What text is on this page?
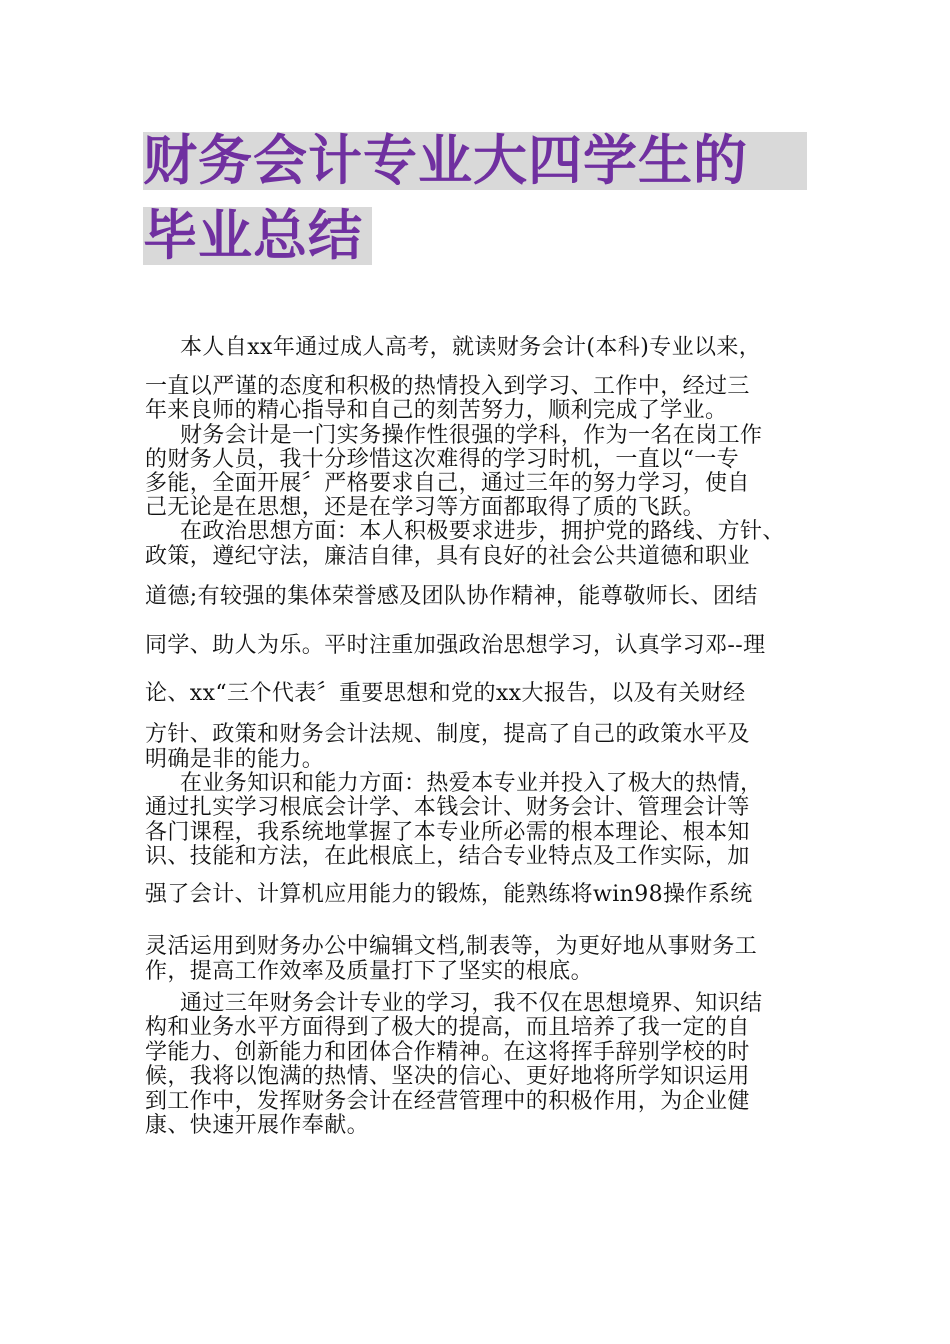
财务会计专业大四学生的
毕业总结
本人自xx年通过成人高考，就读财务会计(本科)专业以来，
一直以严谨的态度和积极的热情投入到学习、工作中，经过三
年来良师的精心指导和自己的刻苦努力，顺利完成了学业。
财务会计是一门实务操作性很强的学科，作为一名在岗工作
的财务人员，我十分珍惜这次难得的学习时机，一直以“一专
多能，全面开展〞严格要求自己，通过三年的努力学习，使自
己无论是在思想，还是在学习等方面都取得了质的飞跃。
在政治思想方面：本人积极要求进步，拥护党的路线、方针、
政策，遵纪守法，廉洁自律，具有良好的社会公共道德和职业
道德;有较强的集体荣誉感及团队协作精神，能尊敬师长、团结
同学、助人为乐。平时注重加强政治思想学习，认真学习邓--理
论、xx“三个代表〞重要思想和党的xx大报告，以及有关财经
方针、政策和财务会计法规、制度，提高了自己的政策水平及
明确是非的能力。
在业务知识和能力方面：热爱本专业并投入了极大的热情，
通过扎实学习根底会计学、本钱会计、财务会计、管理会计等
各门课程，我系统地掌握了本专业所必需的根本理论、根本知
识、技能和方法，在此根底上，结合专业特点及工作实际，加
强了会计、计算机应用能力的锻炼，能熟练将win98操作系统
灵活运用到财务办公中编辑文档,制表等，为更好地从事财务工
作，提高工作效率及质量打下了坚实的根底。
通过三年财务会计专业的学习，我不仅在思想境界、知识结
构和业务水平方面得到了极大的提高，而且培养了我一定的自
学能力、创新能力和团体合作精神。在这将挥手辞别学校的时
候，我将以饱满的热情、坚决的信心、更好地将所学知识运用
到工作中，发挥财务会计在经营管理中的积极作用，为企业健
康、快速开展作奉献。
